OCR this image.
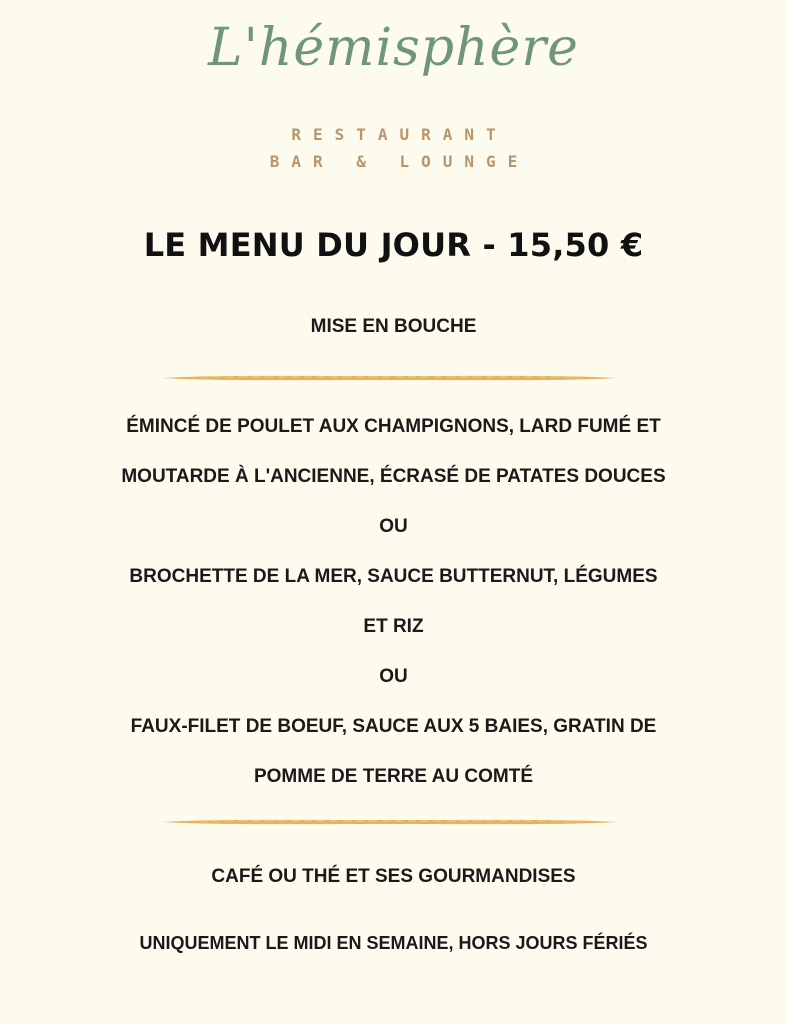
L'hémisphère
RESTAURANT
BAR & LOUNGE
LE MENU DU JOUR - 15,50 €
MISE EN BOUCHE
ÉMINCÉ DE POULET AUX CHAMPIGNONS, LARD FUMÉ ET
MOUTARDE À L'ANCIENNE, ÉCRASÉ DE PATATES DOUCES
OU
BROCHETTE DE LA MER, SAUCE BUTTERNUT, LÉGUMES
ET RIZ
OU
FAUX-FILET DE BOEUF, SAUCE AUX 5 BAIES, GRATIN DE
POMME DE TERRE AU COMTÉ
CAFÉ OU THÉ ET SES GOURMANDISES
UNIQUEMENT LE MIDI EN SEMAINE, HORS JOURS FÉRIÉS
